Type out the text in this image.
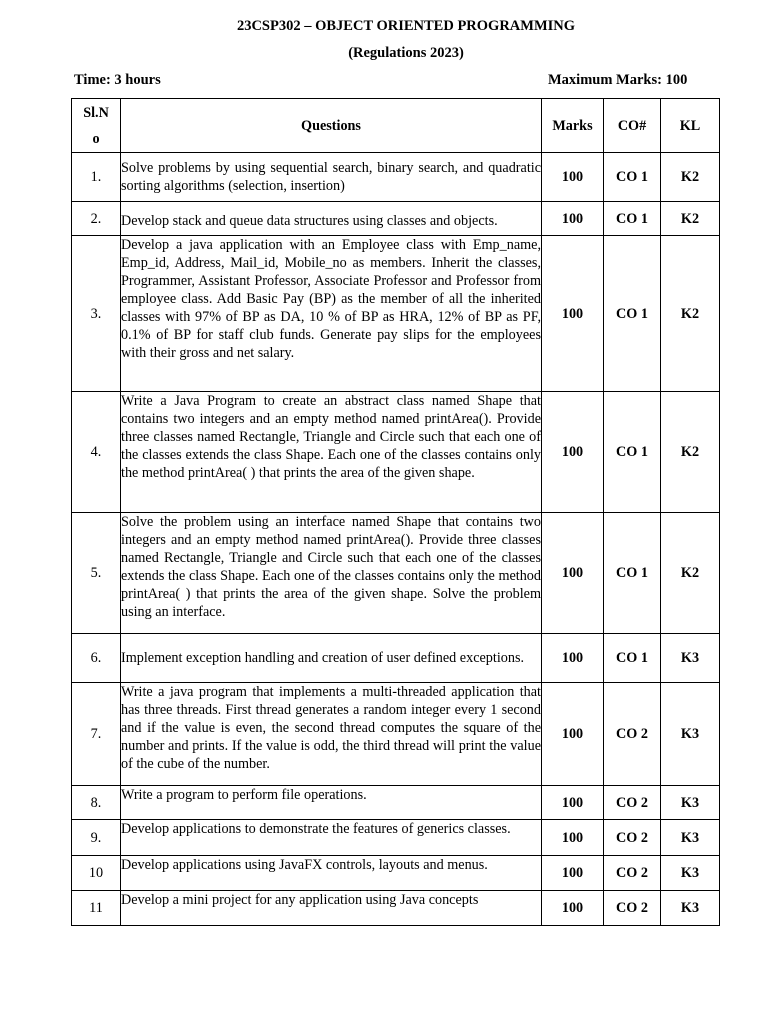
23CSP302 – OBJECT ORIENTED PROGRAMMING
(Regulations 2023)
Time: 3 hours	Maximum Marks: 100
Sl.No	Questions	Marks	CO#	KL
1.	Solve problems by using sequential search, binary search, and quadratic sorting algorithms (selection, insertion)	100	CO 1	K2
2.	Develop stack and queue data structures using classes and objects.	100	CO 1	K2
3.	Develop a java application with an Employee class with Emp_name, Emp_id, Address, Mail_id, Mobile_no as members. Inherit the classes, Programmer, Assistant Professor, Associate Professor and Professor from employee class. Add Basic Pay (BP) as the member of all the inherited classes with 97% of BP as DA, 10 % of BP as HRA, 12% of BP as PF, 0.1% of BP for staff club funds. Generate pay slips for the employees with their gross and net salary.	100	CO 1	K2
4.	Write a Java Program to create an abstract class named Shape that contains two integers and an empty method named printArea(). Provide three classes named Rectangle, Triangle and Circle such that each one of the classes extends the class Shape. Each one of the classes contains only the method printArea( ) that prints the area of the given shape.	100	CO 1	K2
5.	Solve the problem using an interface named Shape that contains two integers and an empty method named printArea(). Provide three classes named Rectangle, Triangle and Circle such that each one of the classes extends the class Shape. Each one of the classes contains only the method printArea( ) that prints the area of the given shape. Solve the problem using an interface.	100	CO 1	K2
6.	Implement exception handling and creation of user defined exceptions.	100	CO 1	K3
7.	Write a java program that implements a multi-threaded application that has three threads. First thread generates a random integer every 1 second and if the value is even, the second thread computes the square of the number and prints. If the value is odd, the third thread will print the value of the cube of the number.	100	CO 2	K3
8.	Write a program to perform file operations.	100	CO 2	K3
9.	Develop applications to demonstrate the features of generics classes.	100	CO 2	K3
10	Develop applications using JavaFX controls, layouts and menus.	100	CO 2	K3
11	Develop a mini project for any application using Java concepts	100	CO 2	K3
